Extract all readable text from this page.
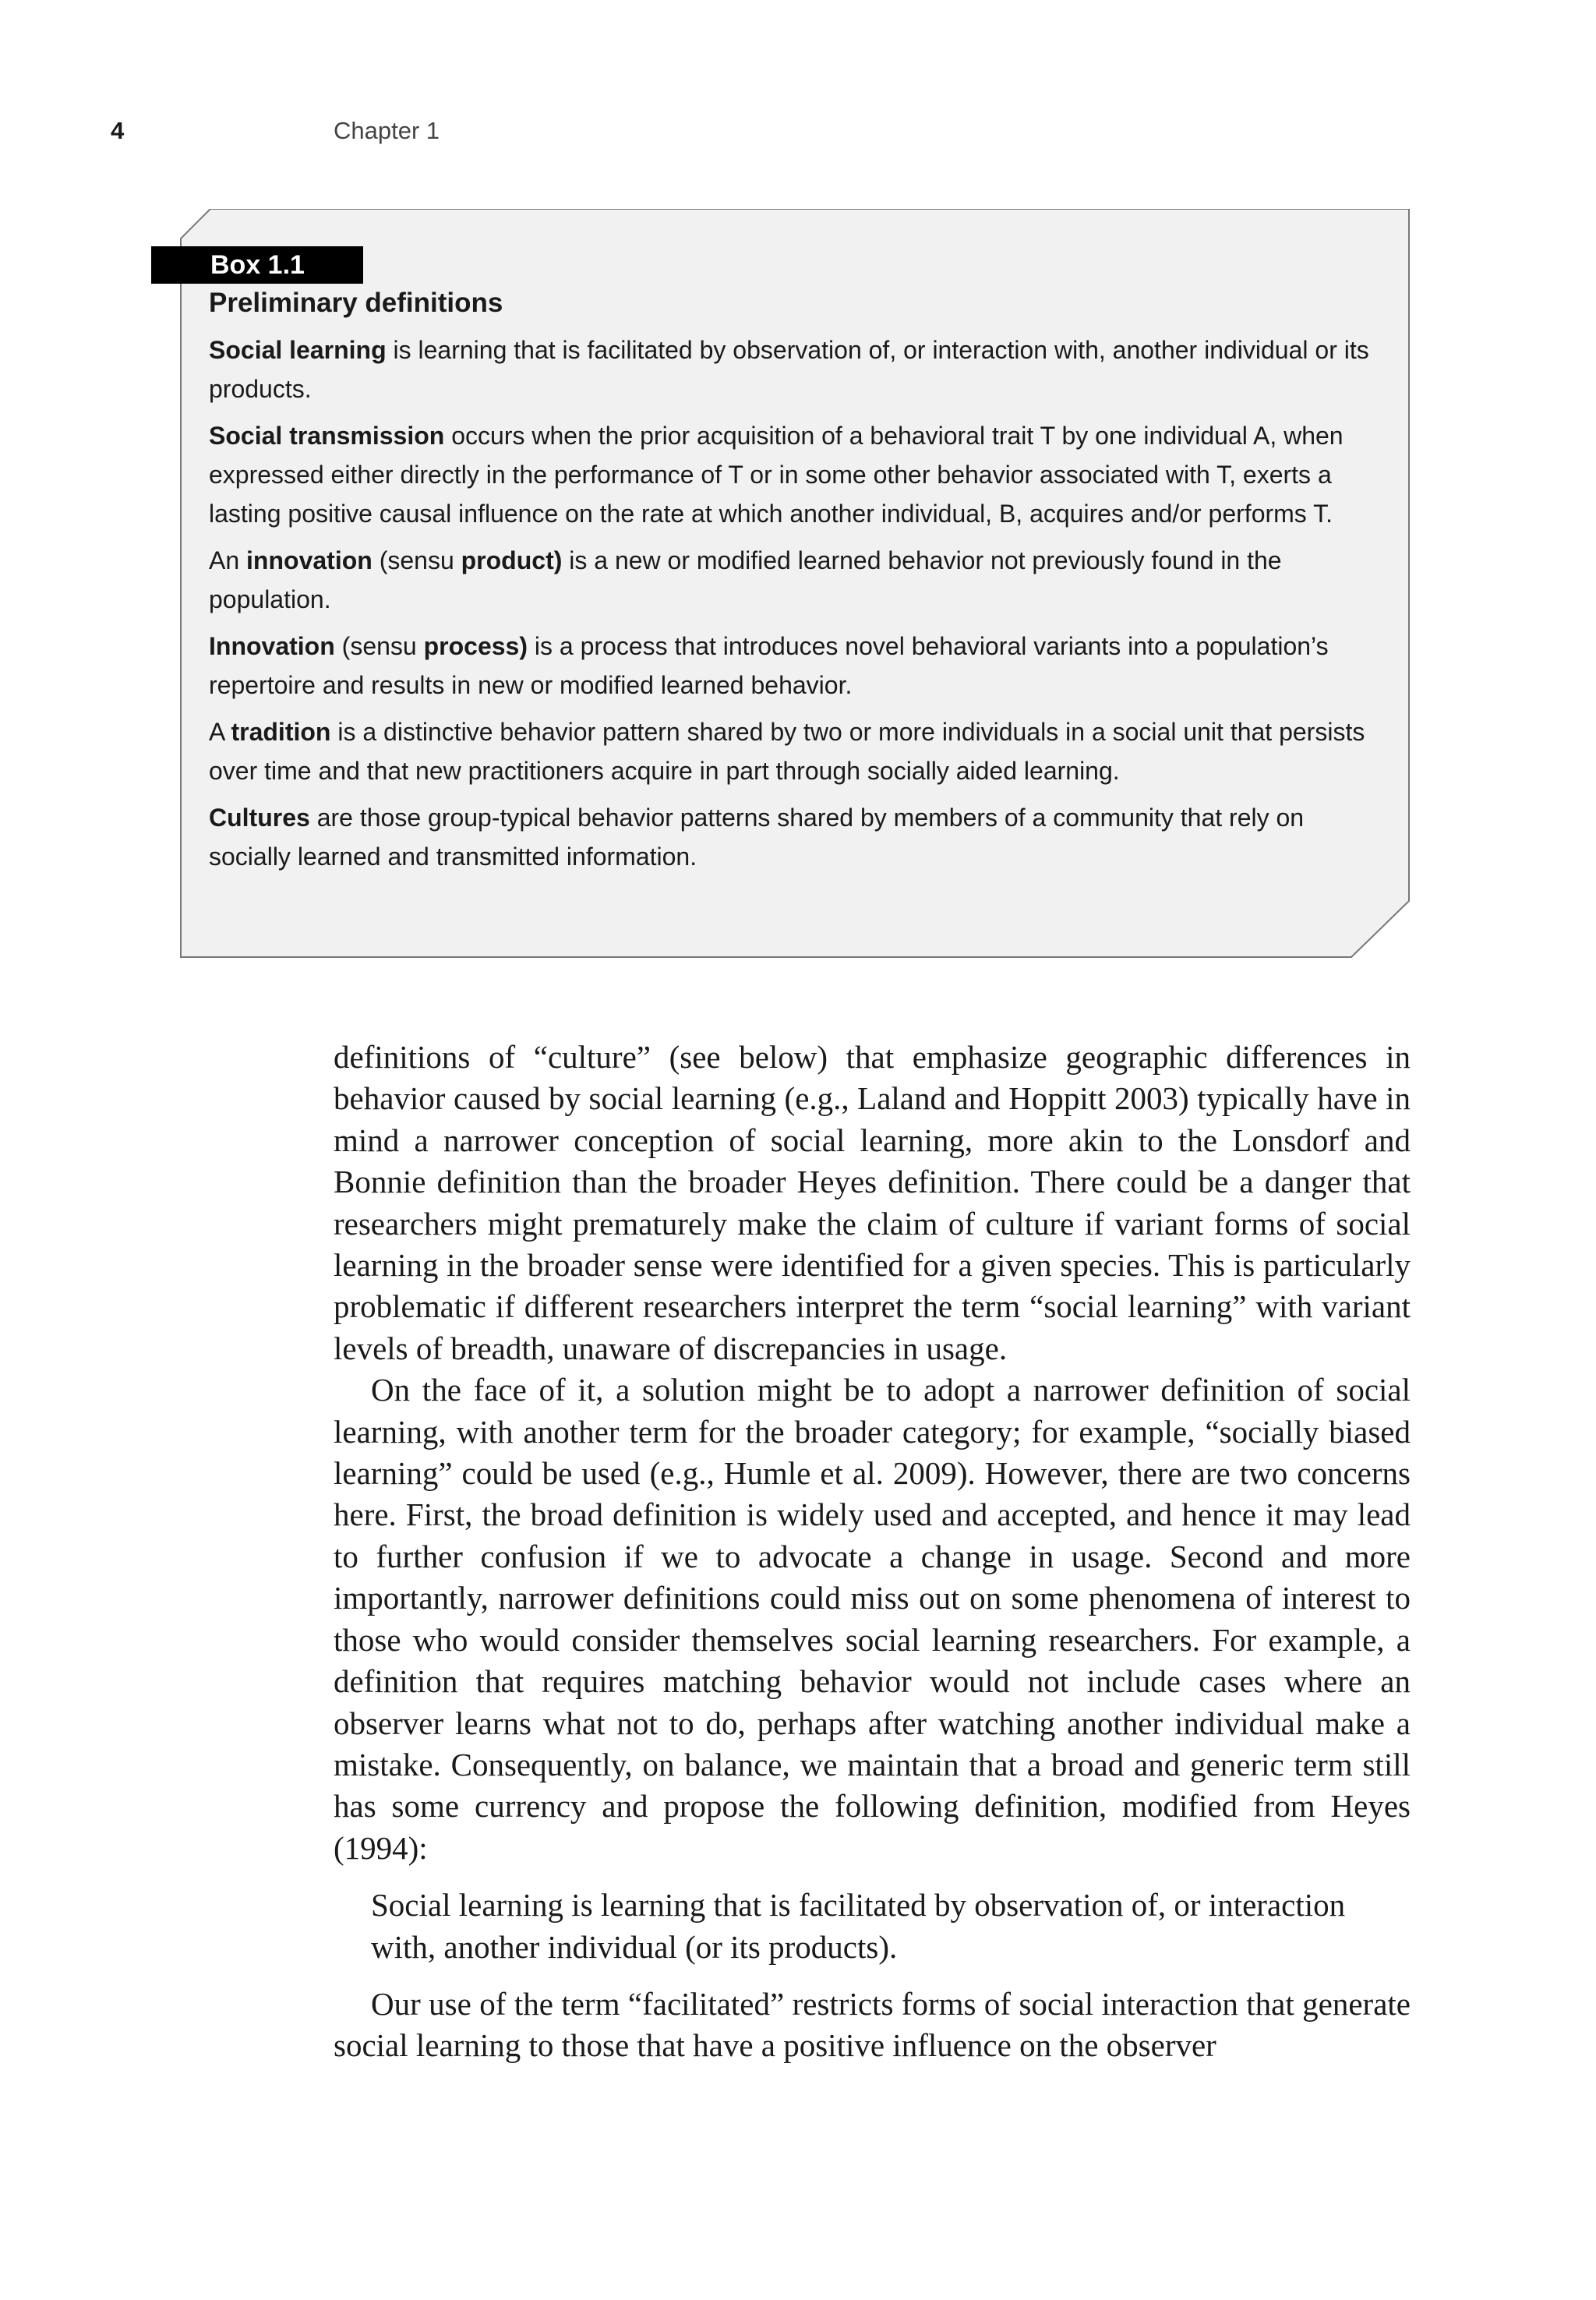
4	Chapter 1
Box 1.1

Preliminary definitions

Social learning is learning that is facilitated by observation of, or interaction with, another individual or its products.

Social transmission occurs when the prior acquisition of a behavioral trait T by one individual A, when expressed either directly in the performance of T or in some other behavior associated with T, exerts a lasting positive causal influence on the rate at which another individual, B, acquires and/or performs T.

An innovation (sensu product) is a new or modified learned behavior not previously found in the population.

Innovation (sensu process) is a process that introduces novel behavioral variants into a population’s repertoire and results in new or modified learned behavior.

A tradition is a distinctive behavior pattern shared by two or more individuals in a social unit that persists over time and that new practitioners acquire in part through socially aided learning.

Cultures are those group-typical behavior patterns shared by members of a community that rely on socially learned and transmitted information.

definitions of “culture” (see below) that emphasize geographic differences in behavior caused by social learning (e.g., Laland and Hoppitt 2003) typically have in mind a narrower conception of social learning, more akin to the Lonsdorf and Bonnie definition than the broader Heyes definition. There could be a danger that researchers might prematurely make the claim of culture if variant forms of social learning in the broader sense were identified for a given species. This is particularly problematic if different researchers interpret the term “social learning” with variant levels of breadth, unaware of discrepancies in usage.

On the face of it, a solution might be to adopt a narrower definition of social learning, with another term for the broader category; for example, “socially biased learning” could be used (e.g., Humle et al. 2009). However, there are two concerns here. First, the broad definition is widely used and accepted, and hence it may lead to further confusion if we to advocate a change in usage. Second and more importantly, narrower definitions could miss out on some phenomena of interest to those who would consider themselves social learning researchers. For example, a definition that requires matching behavior would not include cases where an observer learns what not to do, perhaps after watching another individual make a mistake. Consequently, on balance, we maintain that a broad and generic term still has some currency and propose the following definition, modified from Heyes (1994):

Social learning is learning that is facilitated by observation of, or interaction with, another individual (or its products).

Our use of the term “facilitated” restricts forms of social interaction that generate social learning to those that have a positive influence on the observer
